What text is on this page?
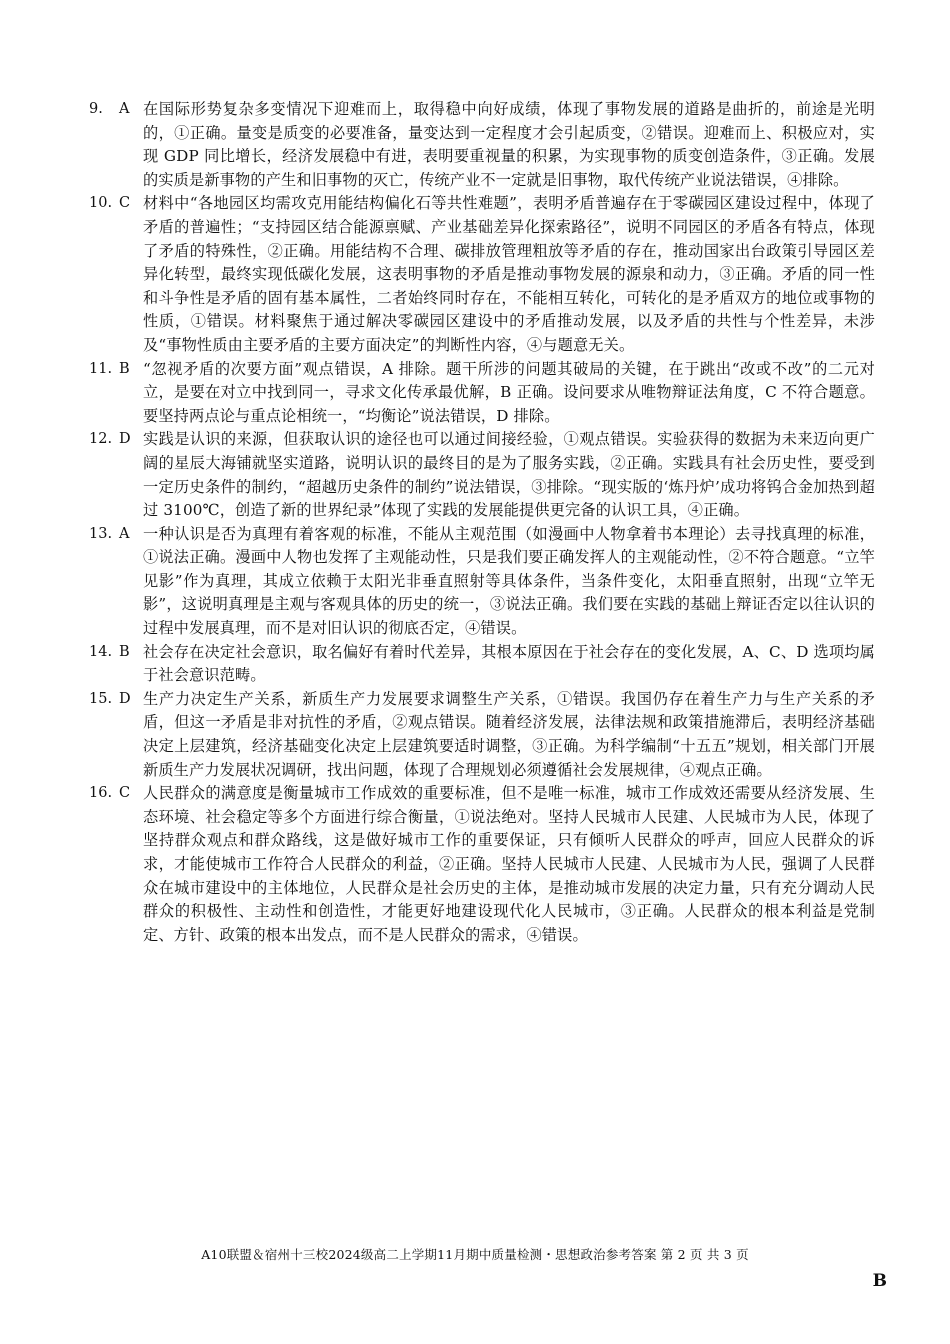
9.	A 在国际形势复杂多变情况下迎难而上，取得稳中向好成绩，体现了事物发展的道路是曲折的，前途是光明的，①正确。量变是质变的必要准备，量变达到一定程度才会引起质变，②错误。迎难而上、积极应对，实现 GDP 同比增长，经济发展稳中有进，表明要重视量的积累，为实现事物的质变创造条件，③正确。发展的实质是新事物的产生和旧事物的灭亡，传统产业不一定就是旧事物，取代传统产业说法错误，④排除。
10. C 材料中“各地园区均需攻克用能结构偏化石等共性难题”，表明矛盾普遍存在于零碳园区建设过程中，体现了矛盾的普遍性；“支持园区结合能源禀赋、产业基础差异化探索路径”，说明不同园区的矛盾各有特点，体现了矛盾的特殊性，②正确。用能结构不合理、碳排放管理粗放等矛盾的存在，推动国家出台政策引导园区差异化转型，最终实现低碳化发展，这表明事物的矛盾是推动事物发展的源泉和动力，③正确。矛盾的同一性和斗争性是矛盾的固有基本属性，二者始终同时存在，不能相互转化，可转化的是矛盾双方的地位或事物的性质，①错误。材料聚焦于通过解决零碳园区建设中的矛盾推动发展，以及矛盾的共性与个性差异，未涉及“事物性质由主要矛盾的主要方面决定”的判断性内容，④与题意无关。
11. B “忽视矛盾的次要方面”观点错误，A 排除。题干所涉的问题其破局的关键，在于跳出“改或不改”的二元对立，是要在对立中找到同一，寻求文化传承最优解，B 正确。设问要求从唯物辩证法角度，C 不符合题意。要坚持两点论与重点论相统一，“均衡论”说法错误，D 排除。
12. D 实践是认识的来源，但获取认识的途径也可以通过间接经验，①观点错误。实验获得的数据为未来迈向更广阔的星辰大海铺就坚实道路，说明认识的最终目的是为了服务实践，②正确。实践具有社会历史性，要受到一定历史条件的制约，“超越历史条件的制约”说法错误，③排除。“现实版的‘炼丹炉’成功将钨合金加热到超过 3100℃，创造了新的世界纪录”体现了实践的发展能提供更完备的认识工具，④正确。
13. A 一种认识是否为真理有着客观的标准，不能从主观范围（如漫画中人物拿着书本理论）去寻找真理的标准，①说法正确。漫画中人物也发挥了主观能动性，只是我们要正确发挥人的主观能动性，②不符合题意。“立竿见影”作为真理，其成立依赖于太阳光非垂直照射等具体条件，当条件变化，太阳垂直照射，出现“立竿无影”，这说明真理是主观与客观具体的历史的统一，③说法正确。我们要在实践的基础上辩证否定以往认识的过程中发展真理，而不是对旧认识的彻底否定，④错误。
14. B 社会存在决定社会意识，取名偏好有着时代差异，其根本原因在于社会存在的变化发展，A、C、D 选项均属于社会意识范畴。
15. D 生产力决定生产关系，新质生产力发展要求调整生产关系，①错误。我国仍存在着生产力与生产关系的矛盾，但这一矛盾是非对抗性的矛盾，②观点错误。随着经济发展，法律法规和政策措施滞后，表明经济基础决定上层建筑，经济基础变化决定上层建筑要适时调整，③正确。为科学编制“十五五”规划，相关部门开展新质生产力发展状况调研，找出问题，体现了合理规划必须遵循社会发展规律，④观点正确。
16. C 人民群众的满意度是衡量城市工作成效的重要标准，但不是唯一标准，城市工作成效还需要从经济发展、生态环境、社会稳定等多个方面进行综合衡量，①说法绝对。坚持人民城市人民建、人民城市为人民，体现了坚持群众观点和群众路线，这是做好城市工作的重要保证，只有倾听人民群众的呼声，回应人民群众的诉求，才能使城市工作符合人民群众的利益，②正确。坚持人民城市人民建、人民城市为人民，强调了人民群众在城市建设中的主体地位，人民群众是社会历史的主体，是推动城市发展的决定力量，只有充分调动人民群众的积极性、主动性和创造性，才能更好地建设现代化人民城市，③正确。人民群众的根本利益是党制定、方针、政策的根本出发点，而不是人民群众的需求，④错误。
A10联盟＆宿州十三校2024级高二上学期11月期中质量检测・思想政治参考答案 第 2 页 共 3 页
B
